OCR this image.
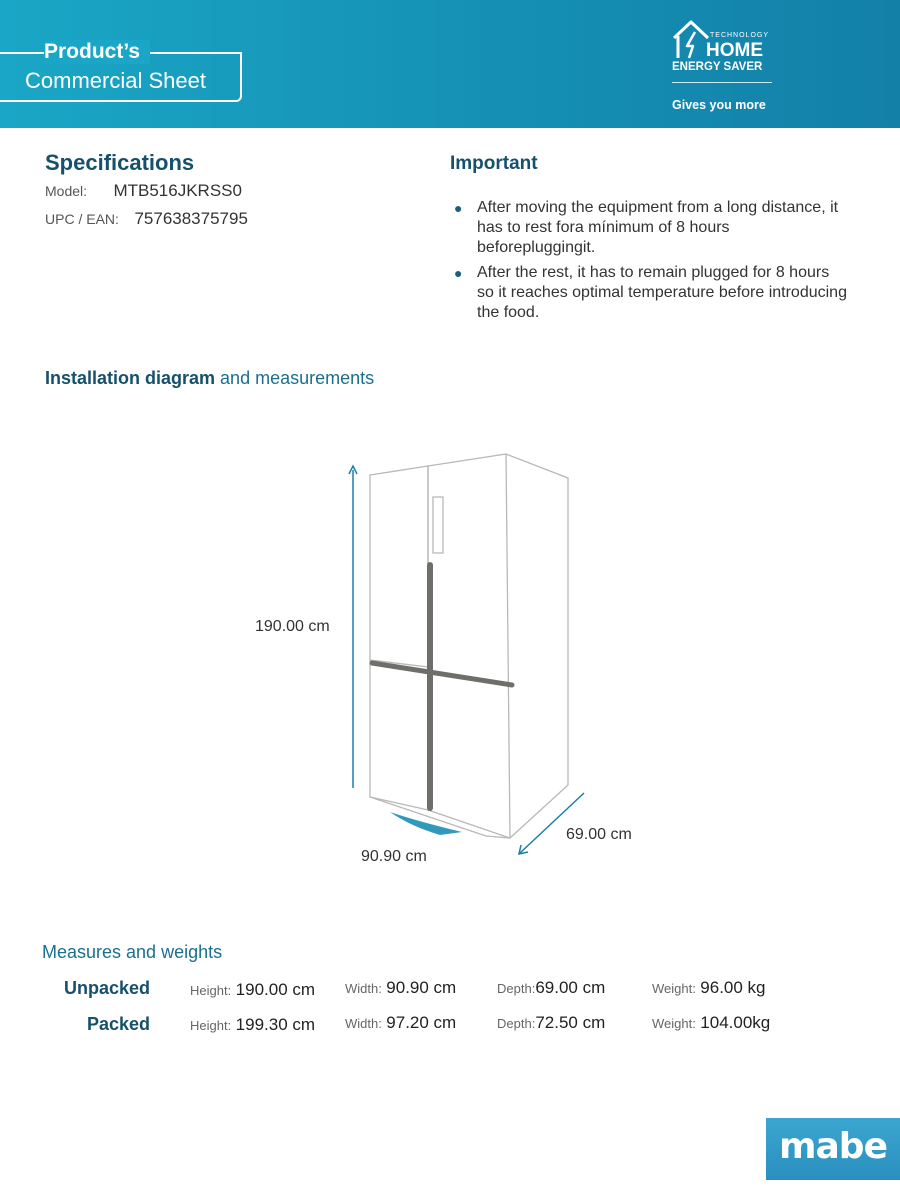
Product’s
Commercial Sheet
TECHNOLOGY
HOME
ENERGY SAVER
Gives you more
Specifications
Model: MTB516JKRSS0
UPC / EAN: 757638375795
Important
● After moving the equipment from a long distance, it has to rest fora mínimum of 8 hours beforepluggingit.
● After the rest, it has to remain plugged for 8 hours so it reaches optimal temperature before introducing the food.
Installation diagram and measurements
190.00 cm
90.90 cm
69.00 cm
Measures and weights
Unpacked	Height: 190.00 cm Width: 90.90 cm	Depth:69.00 cm	Weight: 96.00 kg
Packed	Height: 199.30 cm Width: 97.20 cm	Depth:72.50 cm	Weight: 104.00kg
mabe
